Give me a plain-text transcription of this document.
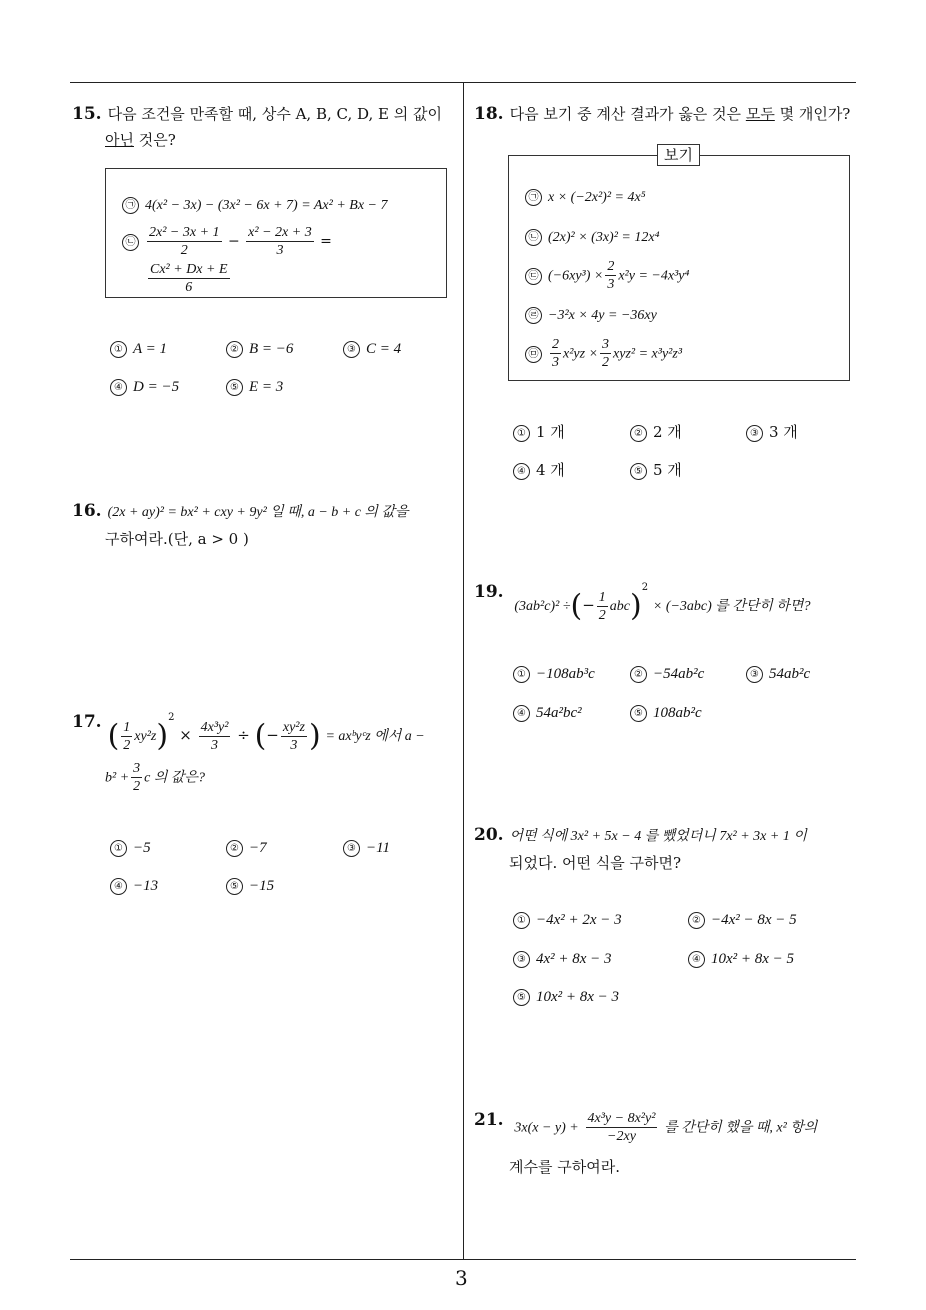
3
15. 다음 조건을 만족할 때, 상수 A, B, C, D, E 의 값이
아닌 것은?
㉠ 4(x² − 3x) − (3x² − 6x + 7) = Ax² + Bx − 7
㉡ $\frac{\text{2x² − 3x + 1}}{2} - \frac{\text{x² − 2x + 3}}{3}$ =
$\frac{\text{Cx² + Dx + E}}{6}$
① A = 1	② B = −6	③ C = 4
④ D = −5	⑤ E = 3
16. (2x + ay)² = bx² + cxy + 9y² 일 때, a − b + c 의 값을
구하여라.(단, a > 0 )
17. ( $\frac{1}{2} xy^2z)^2 \times \frac{\text{4x³y²}}{3}$ ÷ (− $\frac{\text{xy²z}}{3}$ ) = axᵇyᶜz 에서 a −
$b^2 + \frac{3}{2}$ c 의 값은?
① −5	② −7	③ −11
④ −13	⑤ −15
18. 다음 보기 중 계산 결과가 옳은 것은 모두 몇 개인가?
보기
㉠ x × (−2x²)² = 4x⁵
㉡ (2x)² × (3x)² = 12x⁴
㉢ $(-6xy^3) \times \frac{2}{3} x^2y = -4x^3y^4$
㉣ −3²x × 4y = −36xy
㉤ $\frac{2}{3} x^2yz \times \frac{3}{2} xyz^2 = x^3y^2z^3$
① 1 개	② 2 개	③ 3 개
④ 4 개	⑤ 5 개
19. (3ab²c)² ÷(− $\frac{1}{2} abc)^2 \times (-3abc)$ 를 간단히 하면?
① −108ab³c	② −54ab²c	③ 54ab²c
④ 54a²bc²	⑤ 108ab²c
20. 어떤 식에 3x² + 5x − 4 를 뺐었더니 7x² + 3x + 1 이
되었다. 어떤 식을 구하면?
① −4x² + 2x − 3	② −4x² − 8x − 5
③ 4x² + 8x − 3	④ 10x² + 8x − 5
⑤ 10x² + 8x − 3
21. $3x(x - y) + \frac{\text{4x³y − 8x²y²}}{-2xy}$ 를 간단히 했을 때, x² 항의
계수를 구하여라.
